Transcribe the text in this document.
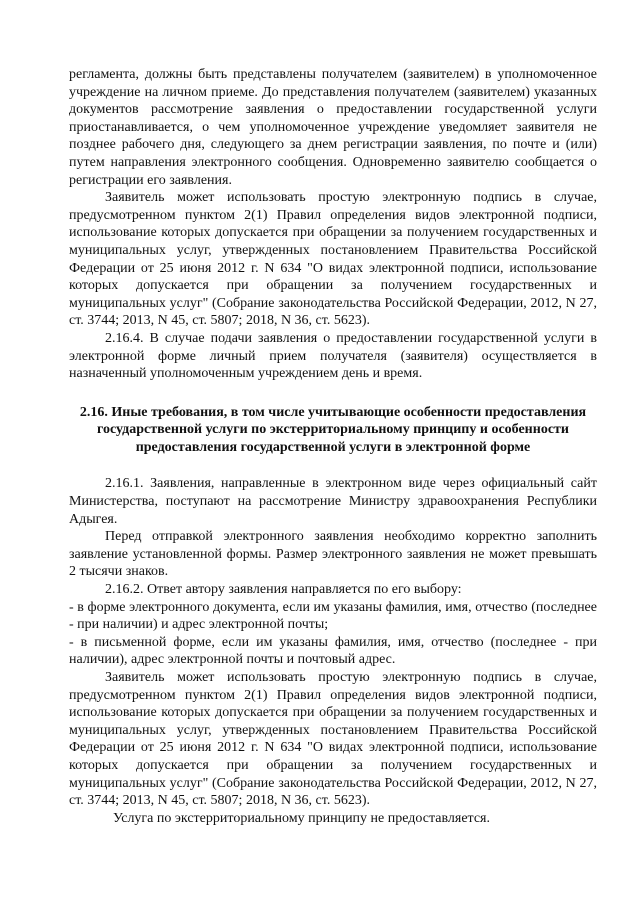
регламента, должны быть представлены получателем (заявителем) в уполномоченное учреждение на личном приеме. До представления получателем (заявителем) указанных документов рассмотрение заявления о предоставлении государственной услуги приостанавливается, о чем уполномоченное учреждение уведомляет заявителя не позднее рабочего дня, следующего за днем регистрации заявления, по почте и (или) путем направления электронного сообщения. Одновременно заявителю сообщается о регистрации его заявления.

Заявитель может использовать простую электронную подпись в случае, предусмотренном пунктом 2(1) Правил определения видов электронной подписи, использование которых допускается при обращении за получением государственных и муниципальных услуг, утвержденных постановлением Правительства Российской Федерации от 25 июня 2012 г. N 634 "О видах электронной подписи, использование которых допускается при обращении за получением государственных и муниципальных услуг" (Собрание законодательства Российской Федерации, 2012, N 27, ст. 3744; 2013, N 45, ст. 5807; 2018, N 36, ст. 5623).

2.16.4. В случае подачи заявления о предоставлении государственной услуги в электронной форме личный прием получателя (заявителя) осуществляется в назначенный уполномоченным учреждением день и время.

2.16. Иные требования, в том числе учитывающие особенности предоставления государственной услуги по экстерриториальному принципу и особенности предоставления государственной услуги в электронной форме

2.16.1. Заявления, направленные в электронном виде через официальный сайт Министерства, поступают на рассмотрение Министру здравоохранения Республики Адыгея.

Перед отправкой электронного заявления необходимо корректно заполнить заявление установленной формы. Размер электронного заявления не может превышать 2 тысячи знаков.

2.16.2. Ответ автору заявления направляется по его выбору:

- в форме электронного документа, если им указаны фамилия, имя, отчество (последнее - при наличии) и адрес электронной почты;

- в письменной форме, если им указаны фамилия, имя, отчество (последнее - при наличии), адрес электронной почты и почтовый адрес.

Заявитель может использовать простую электронную подпись в случае, предусмотренном пунктом 2(1) Правил определения видов электронной подписи, использование которых допускается при обращении за получением государственных и муниципальных услуг, утвержденных постановлением Правительства Российской Федерации от 25 июня 2012 г. N 634 "О видах электронной подписи, использование которых допускается при обращении за получением государственных и муниципальных услуг" (Собрание законодательства Российской Федерации, 2012, N 27, ст. 3744; 2013, N 45, ст. 5807; 2018, N 36, ст. 5623).

Услуга по экстерриториальному принципу не предоставляется.
